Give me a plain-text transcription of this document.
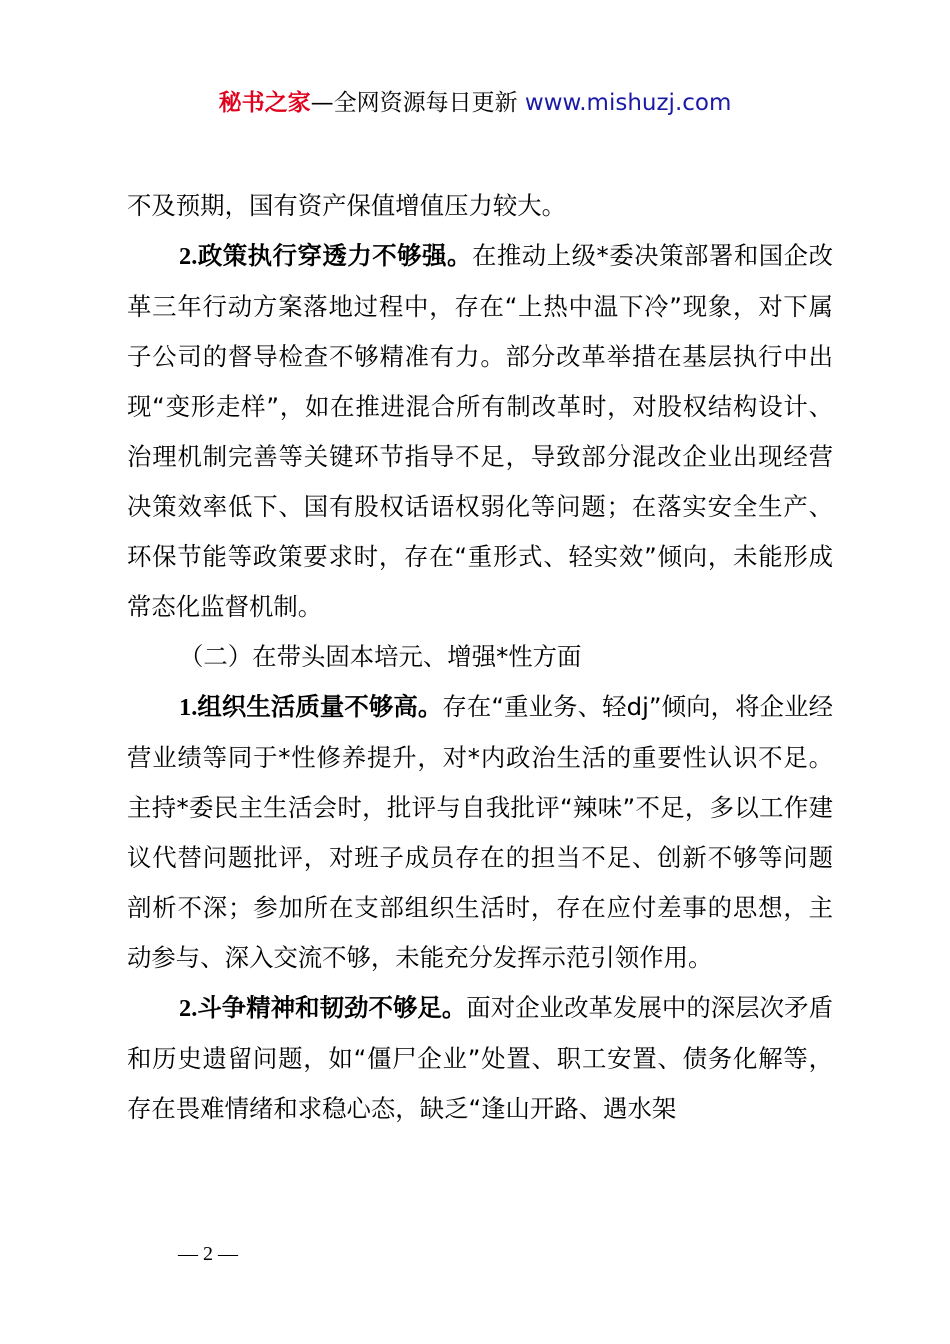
秘书之家—全网资源每日更新 www.mishuzj.com

不及预期，国有资产保值增值压力较大。

2.政策执行穿透力不够强。在推动上级*委决策部署和国企改革三年行动方案落地过程中，存在“上热中温下冷”现象，对下属子公司的督导检查不够精准有力。部分改革举措在基层执行中出现“变形走样”，如在推进混合所有制改革时，对股权结构设计、治理机制完善等关键环节指导不足，导致部分混改企业出现经营决策效率低下、国有股权话语权弱化等问题；在落实安全生产、环保节能等政策要求时，存在“重形式、轻实效”倾向，未能形成常态化监督机制。

（二）在带头固本培元、增强*性方面

1.组织生活质量不够高。存在“重业务、轻dj”倾向，将企业经营业绩等同于*性修养提升，对*内政治生活的重要性认识不足。主持*委民主生活会时，批评与自我批评“辣味”不足，多以工作建议代替问题批评，对班子成员存在的担当不足、创新不够等问题剖析不深；参加所在支部组织生活时，存在应付差事的思想，主动参与、深入交流不够，未能充分发挥示范引领作用。

2.斗争精神和韧劲不够足。面对企业改革发展中的深层次矛盾和历史遗留问题，如“僵尸企业”处置、职工安置、债务化解等，存在畏难情绪和求稳心态，缺乏“逢山开路、遇水架

— 2 —
